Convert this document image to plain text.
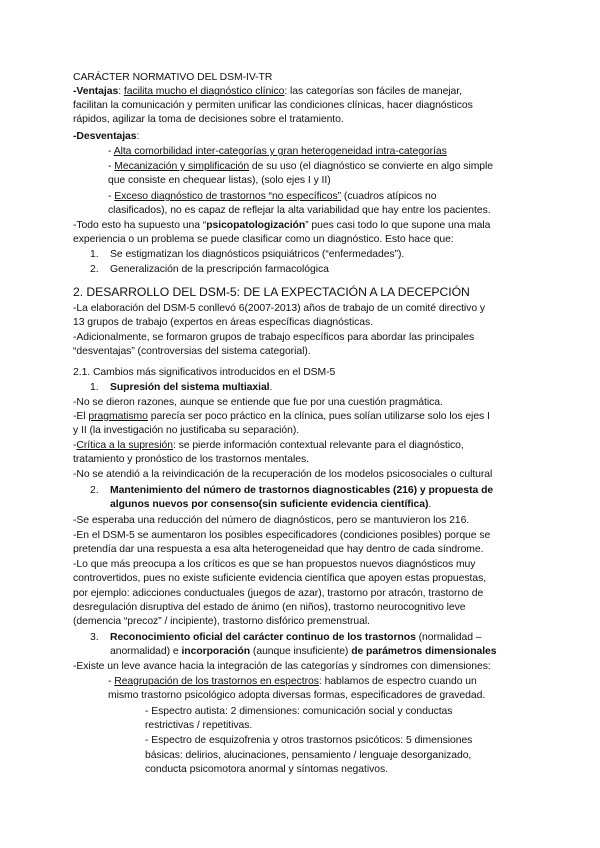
CARÁCTER NORMATIVO DEL DSM-IV-TR
-Ventajas: facilita mucho el diagnóstico clínico: las categorías son fáciles de manejar,
facilitan la comunicación y permiten unificar las condiciones clínicas, hacer diagnósticos
rápidos, agilizar la toma de decisiones sobre el tratamiento.
-Desventajas:
- Alta comorbilidad inter-categorías y gran heterogeneidad intra-categorías
- Mecanización y simplificación de su uso (el diagnóstico se convierte en algo simple
que consiste en chequear listas), (solo ejes I y II)
- Exceso diagnóstico de trastornos “no específicos” (cuadros atípicos no
clasificados), no es capaz de reflejar la alta variabilidad que hay entre los pacientes.
-Todo esto ha supuesto una “psicopatologización” pues casi todo lo que supone una mala
experiencia o un problema se puede clasificar como un diagnóstico. Esto hace que:
1. Se estigmatizan los diagnósticos psiquiátricos (“enfermedades”).
2. Generalización de la prescripción farmacológica
2. DESARROLLO DEL DSM-5: DE LA EXPECTACIÓN A LA DECEPCIÓN
-La elaboración del DSM-5 conllevó 6(2007-2013) años de trabajo de un comité directivo y
13 grupos de trabajo (expertos en áreas específicas diagnósticas.
-Adicionalmente, se formaron grupos de trabajo específicos para abordar las principales
“desventajas” (controversias del sistema categorial).
2.1. Cambios más significativos introducidos en el DSM-5
1. Supresión del sistema multiaxial.
-No se dieron razones, aunque se entiende que fue por una cuestión pragmática.
-El pragmatismo parecía ser poco práctico en la clínica, pues solían utilizarse solo los ejes I
y II (la investigación no justificaba su separación).
-Crítica a la supresión: se pierde información contextual relevante para el diagnóstico,
tratamiento y pronóstico de los trastornos mentales.
-No se atendió a la reivindicación de la recuperación de los modelos psicosociales o cultural
2. Mantenimiento del número de trastornos diagnosticables (216) y propuesta de
algunos nuevos por consenso(sin suficiente evidencia científica).
-Se esperaba una reducción del número de diagnósticos, pero se mantuvieron los 216.
-En el DSM-5 se aumentaron los posibles especificadores (condiciones posibles) porque se
pretendía dar una respuesta a esa alta heterogeneidad que hay dentro de cada síndrome.
-Lo que más preocupa a los críticos es que se han propuestos nuevos diagnósticos muy
controvertidos, pues no existe suficiente evidencia científica que apoyen estas propuestas,
por ejemplo: adicciones conductuales (juegos de azar), trastorno por atracón, trastorno de
desregulación disruptiva del estado de ánimo (en niños), trastorno neurocognitivo leve
(demencia “precoz” / incipiente), trastorno disfórico premenstrual.
3. Reconocimiento oficial del carácter continuo de los trastornos (normalidad –
anormalidad) e incorporación (aunque insuficiente) de parámetros dimensionales
-Existe un leve avance hacia la integración de las categorías y síndromes con dimensiones:
- Reagrupación de los trastornos en espectros: hablamos de espectro cuando un
mismo trastorno psicológico adopta diversas formas, especificadores de gravedad.
- Espectro autista: 2 dimensiones: comunicación social y conductas
restrictivas / repetitivas.
- Espectro de esquizofrenia y otros trastornos psicóticos: 5 dimensiones
básicas: delirios, alucinaciones, pensamiento / lenguaje desorganizado,
conducta psicomotora anormal y síntomas negativos.
